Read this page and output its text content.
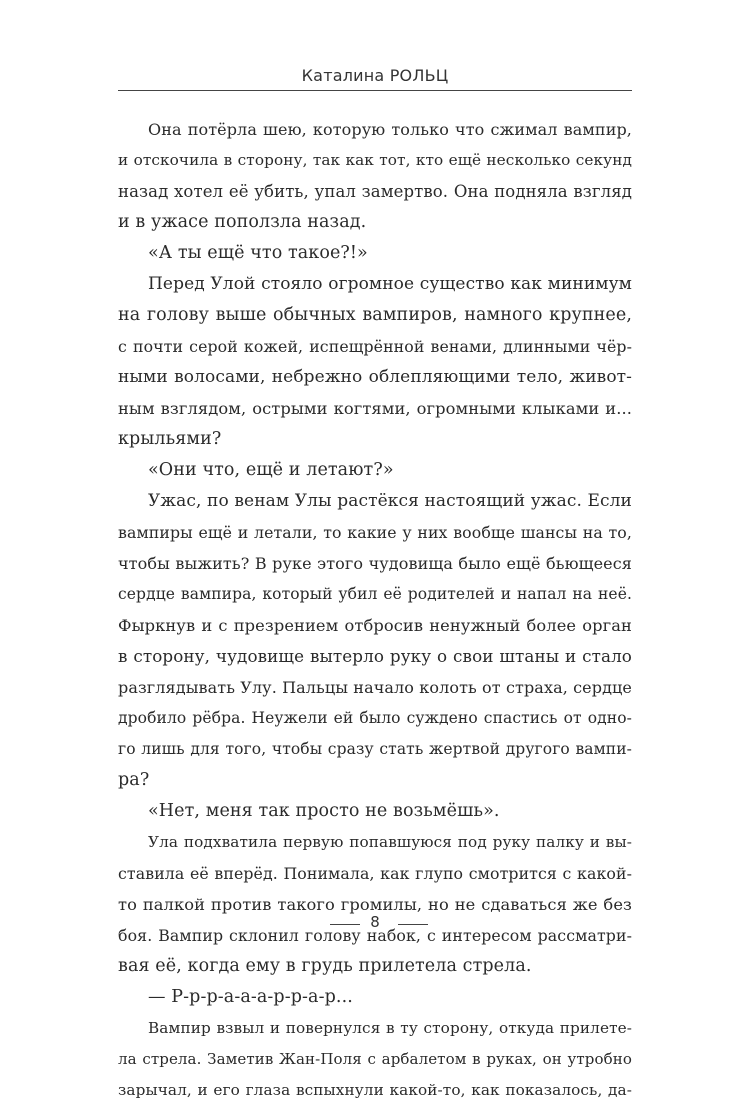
Каталина РОЛЬЦ
Она потёрла шею, которую только что сжимал вампир,
и отскочила в сторону, так как тот, кто ещё несколько секунд
назад хотел её убить, упал замертво. Она подняла взгляд
и в ужасе поползла назад.
«А ты ещё что такое?!»
Перед Улой стояло огромное существо как минимум
на голову выше обычных вампиров, намного крупнее,
с почти серой кожей, испещрённой венами, длинными чёр-
ными волосами, небрежно облепляющими тело, живот-
ным взглядом, острыми когтями, огромными клыками и...
крыльями?
«Они что, ещё и летают?»
Ужас, по венам Улы растёкся настоящий ужас. Если
вампиры ещё и летали, то какие у них вообще шансы на то,
чтобы выжить? В руке этого чудовища было ещё бьющееся
сердце вампира, который убил её родителей и напал на неё.
Фыркнув и с презрением отбросив ненужный более орган
в сторону, чудовище вытерло руку о свои штаны и стало
разглядывать Улу. Пальцы начало колоть от страха, сердце
дробило рёбра. Неужели ей было суждено спастись от одно-
го лишь для того, чтобы сразу стать жертвой другого вампи-
ра?
«Нет, меня так просто не возьмёшь».
Ула подхватила первую попавшуюся под руку палку и вы-
ставила её вперёд. Понимала, как глупо смотрится с какой-
то палкой против такого громилы, но не сдаваться же без
боя. Вампир склонил голову набок, с интересом рассматри-
вая её, когда ему в грудь прилетела стрела.
— Р-р-р-а-а-а-р-р-а-р...
Вампир взвыл и повернулся в ту сторону, откуда прилете-
ла стрела. Заметив Жан-Поля с арбалетом в руках, он утробно
зарычал, и его глаза вспыхнули какой-то, как показалось, да-
8
